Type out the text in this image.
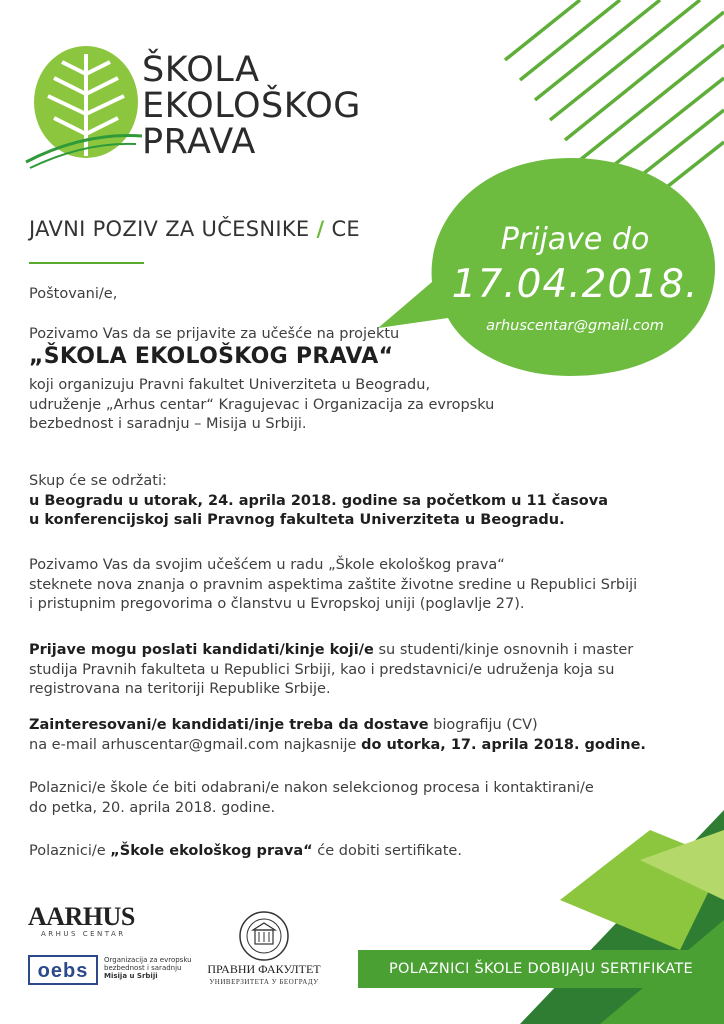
ŠKOLA
EKOLOŠKOG
PRAVA
Prijave do
17.04.2018.
arhuscentar@gmail.com
JAVNI POZIV ZA UČESNIKE / CE
Poštovani/e,
Pozivamo Vas da se prijavite za učešće na projektu
„ŠKOLA EKOLOŠKOG PRAVA“
koji organizuju Pravni fakultet Univerziteta u Beogradu,
udruženje „Arhus centar“ Kragujevac i Organizacija za evropsku
bezbednost i saradnju – Misija u Srbiji.
Skup će se održati:
u Beogradu u utorak, 24. aprila 2018. godine sa početkom u 11 časova
u konferencijskoj sali Pravnog fakulteta Univerziteta u Beogradu.
Pozivamo Vas da svojim učešćem u radu „Škole ekološkog prava“
steknete nova znanja o pravnim aspektima zaštite životne sredine u Republici Srbiji
i pristupnim pregovorima o članstvu u Evropskoj uniji (poglavlje 27).
Prijave mogu poslati kandidati/kinje koji/e su studenti/kinje osnovnih i master
studija Pravnih fakulteta u Republici Srbiji, kao i predstavnici/e udruženja koja su
registrovana na teritoriji Republike Srbije.
Zainteresovani/e kandidati/inje treba da dostave biografiju (CV)
na e-mail arhuscentar@gmail.com najkasnije do utorka, 17. aprila 2018. godine.
Polaznici/e škole će biti odabrani/e nakon selekcionog procesa i kontaktirani/e
do petka, 20. aprila 2018. godine.
Polaznici/e „Škole ekološkog prava“ će dobiti sertifikate.
AARHUS
ARHUS CENTAR
oebs	Organizacija za evropsku
bezbednost i saradnju
Misija u Srbiji	ПРАВНИ ФАКУЛТЕТ
УНИВЕРЗИТЕТА У БЕОГРАДУ
POLAZNICI ŠKOLE DOBIJAJU SERTIFIKATE
